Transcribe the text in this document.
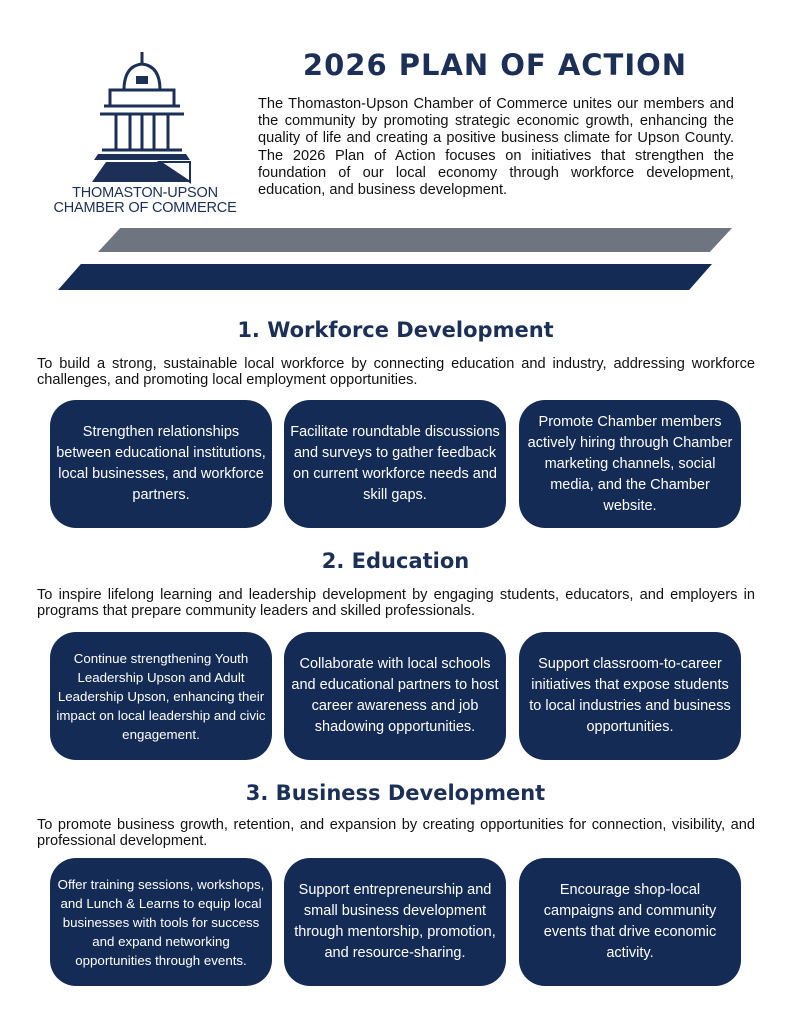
THOMASTON-UPSON
CHAMBER OF COMMERCE
2026 PLAN OF ACTION

The Thomaston-Upson Chamber of Commerce unites our members and the community by promoting strategic economic growth, enhancing the quality of life and creating a positive business climate for Upson County. The 2026 Plan of Action focuses on initiatives that strengthen the foundation of our local economy through workforce development, education, and business development.

1. Workforce Development

To build a strong, sustainable local workforce by connecting education and industry, addressing workforce challenges, and promoting local employment opportunities.

Strengthen relationships between educational institutions, local businesses, and workforce partners.
Facilitate roundtable discussions and surveys to gather feedback on current workforce needs and skill gaps.
Promote Chamber members actively hiring through Chamber marketing channels, social media, and the Chamber website.
2. Education

To inspire lifelong learning and leadership development by engaging students, educators, and employers in programs that prepare community leaders and skilled professionals.

Continue strengthening Youth Leadership Upson and Adult Leadership Upson, enhancing their impact on local leadership and civic engagement.
Collaborate with local schools and educational partners to host career awareness and job shadowing opportunities.
Support classroom-to-career initiatives that expose students to local industries and business opportunities.
3. Business Development

To promote business growth, retention, and expansion by creating opportunities for connection, visibility, and professional development.

Offer training sessions, workshops, and Lunch & Learns to equip local businesses with tools for success and expand networking opportunities through events.
Support entrepreneurship and small business development through mentorship, promotion, and resource-sharing.
Encourage shop-local campaigns and community events that drive economic activity.
